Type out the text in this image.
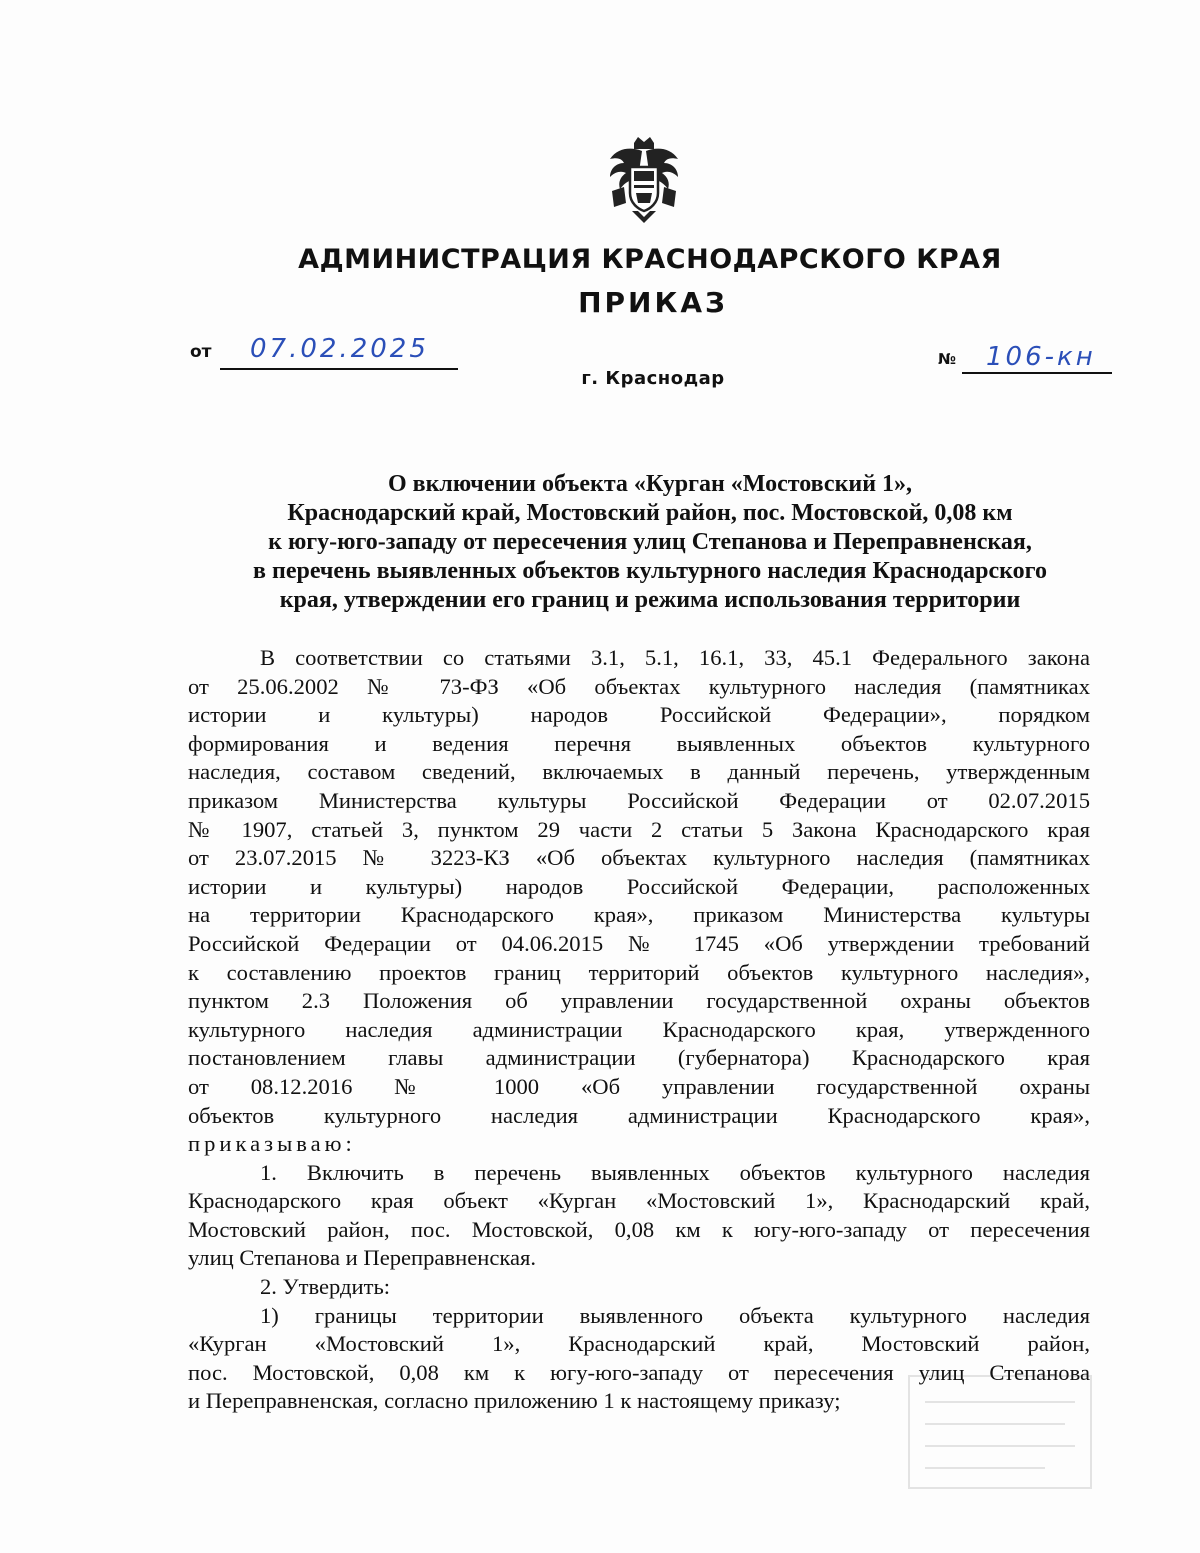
АДМИНИСТРАЦИЯ КРАСНОДАРСКОГО КРАЯ
ПРИКАЗ
от 07.02.2025	№ 106-кн
г. Краснодар
О включении объекта «Курган «Мостовский 1»,
Краснодарский край, Мостовский район, пос. Мостовской, 0,08 км
к югу-юго-западу от пересечения улиц Степанова и Переправненская,
в перечень выявленных объектов культурного наследия Краснодарского
края, утверждении его границ и режима использования территории
В соответствии со статьями 3.1, 5.1, 16.1, 33, 45.1 Федерального закона
от 25.06.2002 № 73-ФЗ «Об объектах культурного наследия (памятниках
истории и культуры) народов Российской Федерации», порядком
формирования и ведения перечня выявленных объектов культурного
наследия, составом сведений, включаемых в данный перечень, утвержденным
приказом Министерства культуры Российской Федерации от 02.07.2015
№ 1907, статьей 3, пунктом 29 части 2 статьи 5 Закона Краснодарского края
от 23.07.2015 № 3223-КЗ «Об объектах культурного наследия (памятниках
истории и культуры) народов Российской Федерации, расположенных
на территории Краснодарского края», приказом Министерства культуры
Российской Федерации от 04.06.2015 № 1745 «Об утверждении требований
к составлению проектов границ территорий объектов культурного наследия»,
пунктом 2.3 Положения об управлении государственной охраны объектов
культурного наследия администрации Краснодарского края, утвержденного
постановлением главы администрации (губернатора) Краснодарского края
от 08.12.2016 № 1000 «Об управлении государственной охраны
объектов культурного наследия администрации Краснодарского края»,
приказываю:
1. Включить в перечень выявленных объектов культурного наследия
Краснодарского края объект «Курган «Мостовский 1», Краснодарский край,
Мостовский район, пос. Мостовской, 0,08 км к югу-юго-западу от пересечения
улиц Степанова и Переправненская.
2. Утвердить:
1) границы территории выявленного объекта культурного наследия
«Курган «Мостовский 1», Краснодарский край, Мостовский район,
пос. Мостовской, 0,08 км к югу-юго-западу от пересечения улиц Степанова
и Переправненская, согласно приложению 1 к настоящему приказу;
